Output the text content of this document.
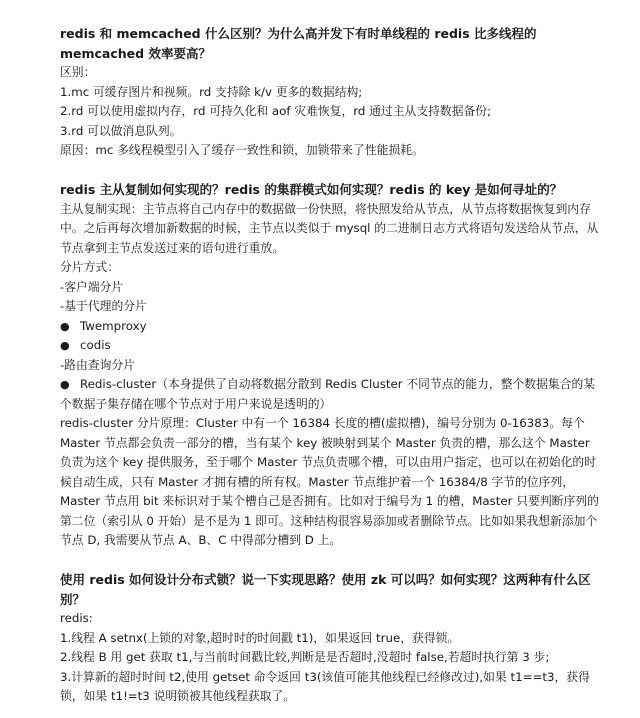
redis 和 memcached 什么区别？为什么高并发下有时单线程的 redis 比多线程的 memcached 效率要高？

区别：

1.mc 可缓存图片和视频。rd 支持除 k/v 更多的数据结构;

2.rd 可以使用虚拟内存，rd 可持久化和 aof 灾难恢复，rd 通过主从支持数据备份;

3.rd 可以做消息队列。

原因：mc 多线程模型引入了缓存一致性和锁，加锁带来了性能损耗。

redis 主从复制如何实现的？redis 的集群模式如何实现？redis 的 key 是如何寻址的？

主从复制实现：主节点将自己内存中的数据做一份快照，将快照发给从节点，从节点将数据恢复到内存中。之后再每次增加新数据的时候，主节点以类似于 mysql 的二进制日志方式将语句发送给从节点，从节点拿到主节点发送过来的语句进行重放。

分片方式：

-客户端分片

-基于代理的分片

● Twemproxy

● codis

-路由查询分片

● Redis-cluster（本身提供了自动将数据分散到 Redis Cluster 不同节点的能力，整个数据集合的某个数据子集存储在哪个节点对于用户来说是透明的）

redis-cluster 分片原理：Cluster 中有一个 16384 长度的槽(虚拟槽)，编号分别为 0-16383。每个 Master 节点都会负责一部分的槽，当有某个 key 被映射到某个 Master 负责的槽，那么这个 Master 负责为这个 key 提供服务，至于哪个 Master 节点负责哪个槽，可以由用户指定，也可以在初始化的时候自动生成，只有 Master 才拥有槽的所有权。Master 节点维护着一个 16384/8 字节的位序列，Master 节点用 bit 来标识对于某个槽自己是否拥有。比如对于编号为 1 的槽，Master 只要判断序列的第二位（索引从 0 开始）是不是为 1 即可。这种结构很容易添加或者删除节点。比如如果我想新添加个节点 D, 我需要从节点 A、B、C 中得部分槽到 D 上。

使用 redis 如何设计分布式锁？说一下实现思路？使用 zk 可以吗？如何实现？这两种有什么区别？

redis:

1.线程 A setnx(上锁的对象,超时时的时间戳 t1)，如果返回 true，获得锁。

2.线程 B 用 get 获取 t1,与当前时间戳比较,判断是是否超时,没超时 false,若超时执行第 3 步;

3.计算新的超时时间 t2,使用 getset 命令返回 t3(该值可能其他线程已经修改过),如果 t1==t3，获得锁，如果 t1!=t3 说明锁被其他线程获取了。
